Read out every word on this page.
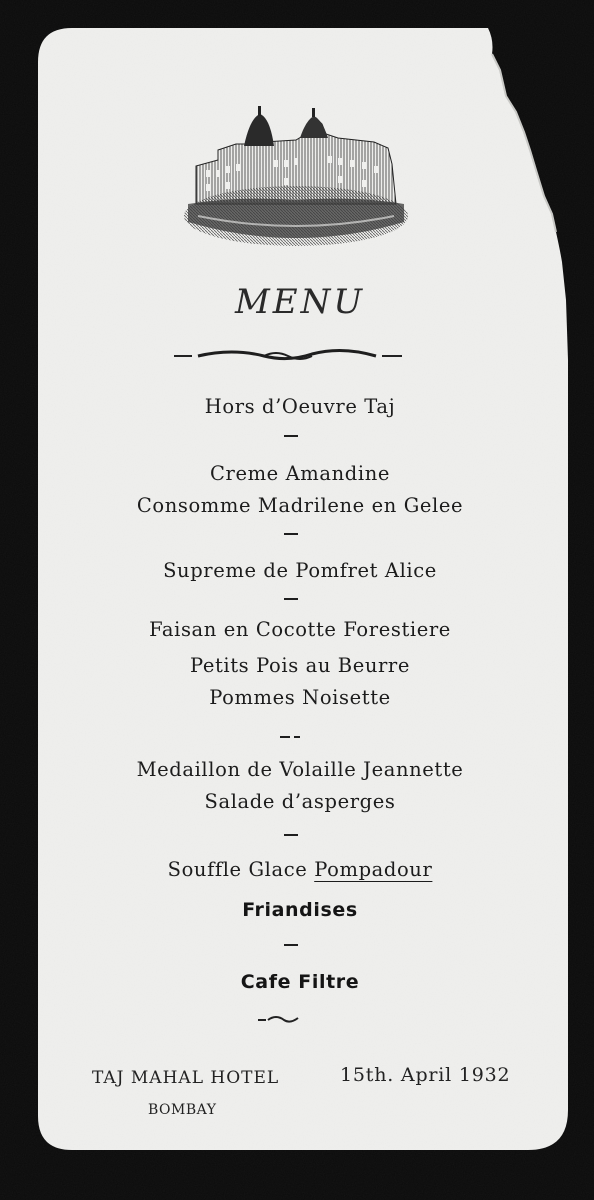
MENU
Hors d’Oeuvre Taj
Creme Amandine
Consomme Madrilene en Gelee
Supreme de Pomfret Alice
Faisan en Cocotte Forestiere
Petits Pois au Beurre
Pommes Noisette
Medaillon de Volaille Jeannette
Salade d’asperges
Souffle Glace Pompadour
Friandises
Cafe Filtre
TAJ MAHAL HOTEL
BOMBAY
15th. April 1932
